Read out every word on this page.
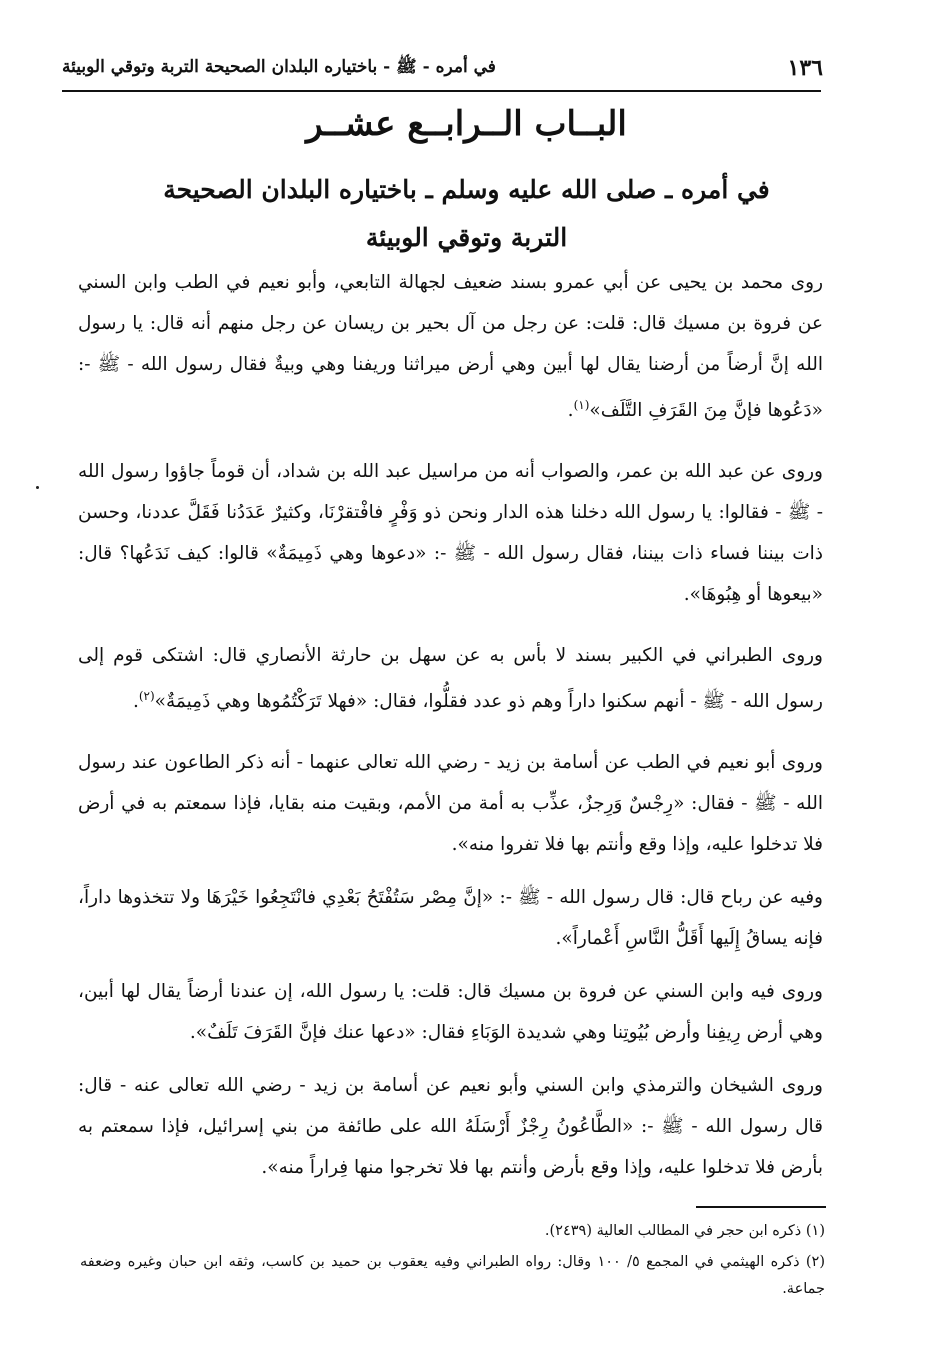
١٣٦
في أمره - ﷺ - باختياره البلدان الصحيحة التربة وتوقي الوبيئة
البــاب الــرابــع عشــر
في أمره ـ صلى الله عليه وسلم ـ باختياره البلدان الصحيحة
التربة وتوقي الوبيئة

روى محمد بن يحيى عن أبي عمرو بسند ضعيف لجهالة التابعي، وأبو نعيم في الطب وابن السني عن فروة بن مسيك قال: قلت: عن رجل من آل بحير بن ريسان عن رجل منهم أنه قال: يا رسول الله إنَّ أرضاً من أرضنا يقال لها أبين وهي أرض ميراثنا وريفنا وهي وبيةٌ فقال رسول الله - ﷺ -: «دَعُوها فإنَّ مِنَ القَرَفِ التَّلَف»$^{(١)}$.

وروى عن عبد الله بن عمر، والصواب أنه من مراسيل عبد الله بن شداد، أن قوماً جاؤوا رسول الله - ﷺ - فقالوا: يا رسول الله دخلنا هذه الدار ونحن ذو وَفْرٍ فافْتقرْنَا، وكثيرٌ عَدَدُنا فَقَلَّ عددنا، وحسن ذات بيننا فساء ذات بيننا، فقال رسول الله - ﷺ -: «دعوها وهي ذَمِيمَةٌ» قالوا: كيف نَدَعُها؟ قال: «بيعوها أو هِبُوهَا».

وروى الطبراني في الكبير بسند لا بأس به عن سهل بن حارثة الأنصاري قال: اشتكى قوم إلى رسول الله - ﷺ - أنهم سكنوا داراً وهم ذو عدد فقلُّوا، فقال: «فهلا تَرَكْتُمُوها وهي ذَمِيمَةٌ»$^{(٢)}$.

وروى أبو نعيم في الطب عن أسامة بن زيد - رضي الله تعالى عنهما - أنه ذكر الطاعون عند رسول الله - ﷺ - فقال: «رِجْسٌ وَرِجزٌ، عذِّب به أمة من الأمم، وبقيت منه بقايا، فإذا سمعتم به في أرض فلا تدخلوا عليه، وإذا وقع وأنتم بها فلا تفروا منه».

وفيه عن رباح قال: قال رسول الله - ﷺ -: «إنَّ مِصْر سَتُفْتَحُ بَعْدِي فانْتَجِعُوا خَيْرَهَا ولا تتخذوها داراً، فإنه يساقُ إِلَيها أَقَلُّ النَّاسِ أَعْماراً».

وروى فيه وابن السني عن فروة بن مسيك قال: قلت: يا رسول الله، إن عندنا أرضاً يقال لها أبين، وهي أرض رِيفِنا وأرض بُيُوتِنا وهي شديدة الوَبَاءِ فقال: «دعها عنك فإنَّ القَرَفَ تَلَفٌ».

وروى الشيخان والترمذي وابن السني وأبو نعيم عن أسامة بن زيد - رضي الله تعالى عنه - قال: قال رسول الله - ﷺ -: «الطَّاعُونُ رِجْزٌ أَرْسَلَهُ الله على طائفة من بني إسرائيل، فإذا سمعتم به بأرض فلا تدخلوا عليه، وإذا وقع بأرض وأنتم بها فلا تخرجوا منها فِراراً منه».

(١) ذكره ابن حجر في المطالب العالية (٢٤٣٩).

(٢) ذكره الهيثمي في المجمع ٥/ ١٠٠ وقال: رواه الطبراني وفيه يعقوب بن حميد بن كاسب، وثقه ابن حبان وغيره وضعفه جماعة.
